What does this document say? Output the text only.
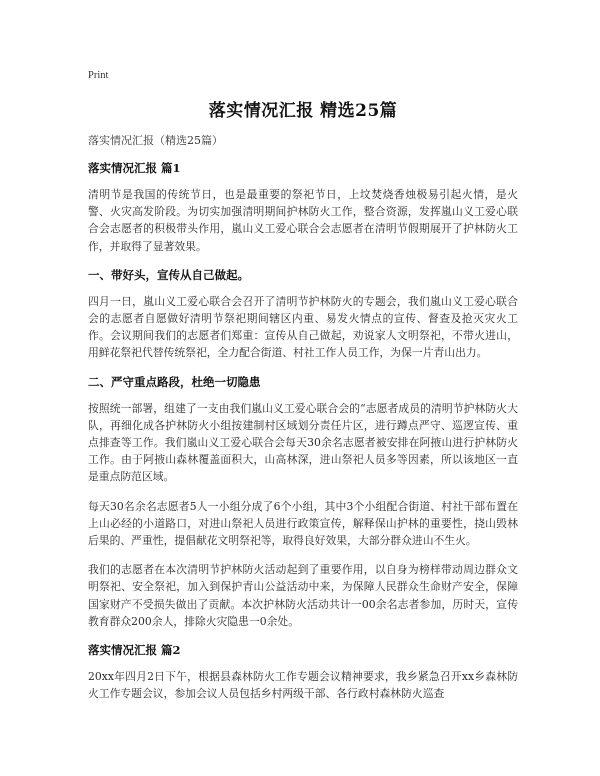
Print
落实情况汇报 精选25篇
落实情况汇报（精选25篇）
落实情况汇报 篇1

清明节是我国的传统节日，也是最重要的祭祀节日，上坟焚烧香烛极易引起火情，是火警、火灾高发阶段。为切实加强清明期间护林防火工作，整合资源，发挥嵐山义工爱心联合会志愿者的积极带头作用，嵐山义工爱心联合会志愿者在清明节假期展开了护林防火工作，并取得了显著效果。

一、带好头，宣传从自己做起。

四月一日，嵐山义工爱心联合会召开了清明节护林防火的专题会，我们嵐山义工爱心联合会的志愿者自愿做好清明节祭祀期间辖区内重、易发火情点的宣传、督查及抢灭灾火工作。会议期间我们的志愿者们郑重：宣传从自己做起，劝说家人文明祭祀，不带火进山，用鲜花祭祀代替传统祭祀，全力配合街道、村社工作人员工作，为保一片青山出力。

二、严守重点路段，杜绝一切隐患

按照统一部署，组建了一支由我们嵐山义工爱心联合会的“志愿者成员的清明节护林防火大队，再细化成各护林防火小组按建制村区域划分责任片区，进行蹲点严守、巡逻宣传、重点排查等工作。我们嵐山义工爱心联合会每天30余名志愿者被安排在阿掖山进行护林防火工作。由于阿掖山森林覆盖面积大，山高林深，进山祭祀人员多等因素，所以该地区一直是重点防范区域。

每天30名余名志愿者5人一小组分成了6个小组，其中3个小组配合街道、村社干部布置在上山必经的小道路口，对进山祭祀人员进行政策宣传，解释保山护林的重要性，挠山毁林后果的、严重性，提倡献花文明祭祀等，取得良好效果，大部分群众进山不生火。

我们的志愿者在本次清明节护林防火活动起到了重要作用，以自身为榜样带动周边群众文明祭祀、安全祭祀，加入到保护青山公益活动中来，为保障人民群众生命财产安全，保障国家财产不受损失做出了贡献。本次护林防火活动共计一00余名志者参加，历时天，宣传教育群众200余人，排除火灾隐患一0余处。

落实情况汇报 篇2

20xx年四月2日下午，根据县森林防火工作专题会议精神要求，我乡紧急召开xx乡森林防火工作专题会议，参加会议人员包括乡村两级干部、各行政村森林防火巡查
